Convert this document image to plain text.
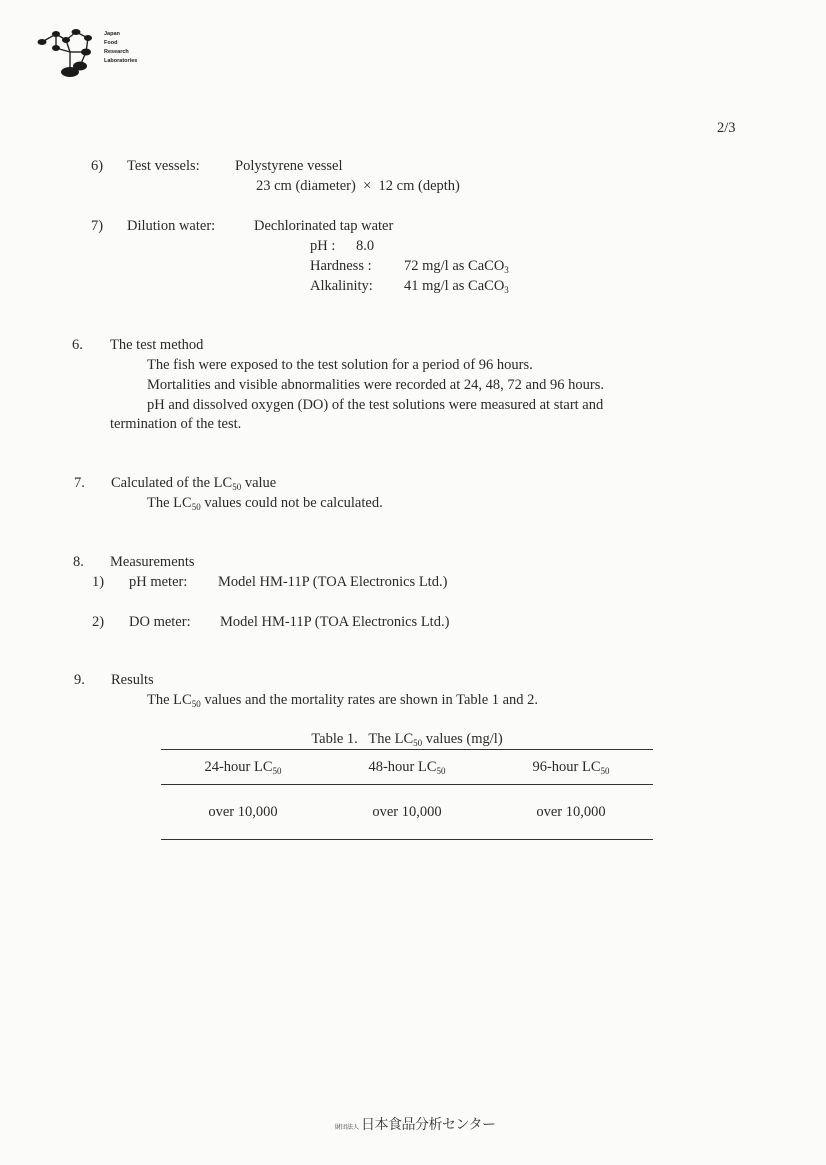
Japan
Food
Research
Laboratories
2/3
6) Test vessels: Polystyrene vessel
23 cm (diameter)  ×  12 cm (depth)
7) Dilution water:	Dechlorinated tap water
pH : 8.0
Hardness : 72 mg/l as CaCO$_3$
Alkalinity: 41 mg/l as CaCO$_3$
6. The test method
The fish were exposed to the test solution for a period of 96 hours.
Mortalities and visible abnormalities were recorded at 24, 48, 72 and 96 hours.
pH and dissolved oxygen (DO) of the test solutions were measured at start and
termination of the test.
7. Calculated of the $LC_{50}$ value
The $LC_{50}$ values could not be calculated.
8. Measurements
1) pH meter: Model HM-11P (TOA Electronics Ltd.)
2) DO meter: Model HM-11P (TOA Electronics Ltd.)
9. Results
The $LC_{50}$ values and the mortality rates are shown in Table 1 and 2.
Table 1.   The $LC_{50}$ values (mg/l)
24-hour $LC_{50}$	48-hour $LC_{50}$	96-hour $LC_{50}$
over 10,000	over 10,000	over 10,000
財団法人 日本食品分析センター
